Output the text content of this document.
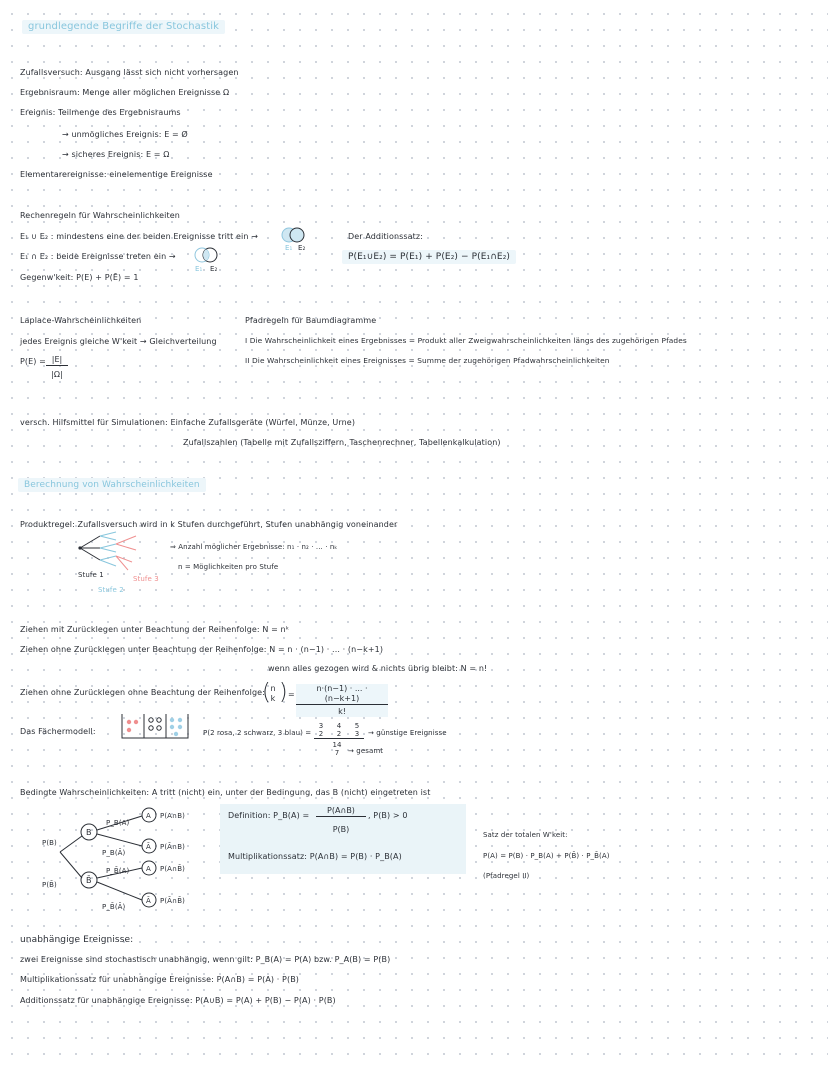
grundlegende Begriffe der Stochastik
Zufallsversuch: Ausgang lässt sich nicht vorhersagen
Ergebnisraum: Menge aller möglichen Ereignisse Ω
Ereignis: Teilmenge des Ergebnisraums
→ unmögliches Ereignis: E = Ø
→ sicheres Ereignis: E = Ω
Elementarereignisse: einelementige Ereignisse
Rechenregeln für Wahrscheinlichkeiten
E₁ ∪ E₂ : mindestens eine der beiden Ereignisse tritt ein →
E₁ E₂
E₁ ∩ E₂ : beide Ereignisse treten ein →
E₁ E₂
Gegenw'keit: P(E) + P(Ē) = 1
Der Additionssatz:
P(E₁∪E₂) = P(E₁) + P(E₂) − P(E₁∩E₂)
Laplace-Wahrscheinlichkeiten
jedes Ereignis gleiche W'keit → Gleichverteilung
$P(E) = \frac{|E|}{|\Omega|}$
Pfadregeln für Baumdiagramme
I Die Wahrscheinlichkeit eines Ergebnisses = Produkt aller Zweigwahrscheinlichkeiten längs des zugehörigen Pfades
II Die Wahrscheinlichkeit eines Ereignisses = Summe der zugehörigen Pfadwahrscheinlichkeiten
versch. Hilfsmittel für Simulationen: Einfache Zufallsgeräte (Würfel, Münze, Urne)
Zufallszahlen (Tabelle mit Zufallsziffern, Taschenrechner, Tabellenkalkulation)
Berechnung von Wahrscheinlichkeiten
Produktregel: Zufallsversuch wird in k Stufen durchgeführt, Stufen unabhängig voneinander
Stufe 1
Stufe 2
Stufe 3
⇒ Anzahl möglicher Ergebnisse: n₁ · n₂ · ... · nₖ
n = Möglichkeiten pro Stufe
Ziehen mit Zurücklegen unter Beachtung der Reihenfolge: N = nᵏ
Ziehen ohne Zurücklegen unter Beachtung der Reihenfolge: N = n · (n−1) · ... · (n−k+1)
wenn alles gezogen wird & nichts übrig bleibt: N = n!
Ziehen ohne Zurücklegen ohne Beachtung der Reihenfolge: n
k
( ) = $\frac{n\cdot(n-1) \cdot ... \cdot (n-k+1)}{k!}$
Das Fächermodell:	P(2 rosa, 2 schwarz, 3 blau) =
3
2
4
2
5
3	→ günstige Ereignisse
14
7	→ gesamt
Bedingte Wahrscheinlichkeiten: A tritt (nicht) ein, unter der Bedingung, das B (nicht) eingetreten ist
P(B)
P(B̄)
B
B̄
A
Ā
A
Ā
P_B(A)
P_B(Ā)
P_B̄(A)
P_B̄(Ā)
P(A∩B)
P(Ā∩B)
P(A∩B̄)
P(Ā∩B̄)
Definition: P_B(A) = $\frac{P(A\cap B)}{P(B)}$ , P(B) > 0
Multiplikationssatz: P(A∩B) = P(B) · P_B(A)
Satz der totalen W'keit:
P(A) = P(B) · P_B(A) + P(B̄) · P_B̄(A)
(Pfadregel II)
unabhängige Ereignisse:
zwei Ereignisse sind stochastisch unabhängig, wenn gilt: P_B(A) = P(A) bzw. P_A(B) = P(B)
Multiplikationssatz für unabhängige Ereignisse: P(A∩B) = P(A) · P(B)
Additionssatz für unabhängige Ereignisse: P(A∪B) = P(A) + P(B) − P(A) · P(B)
